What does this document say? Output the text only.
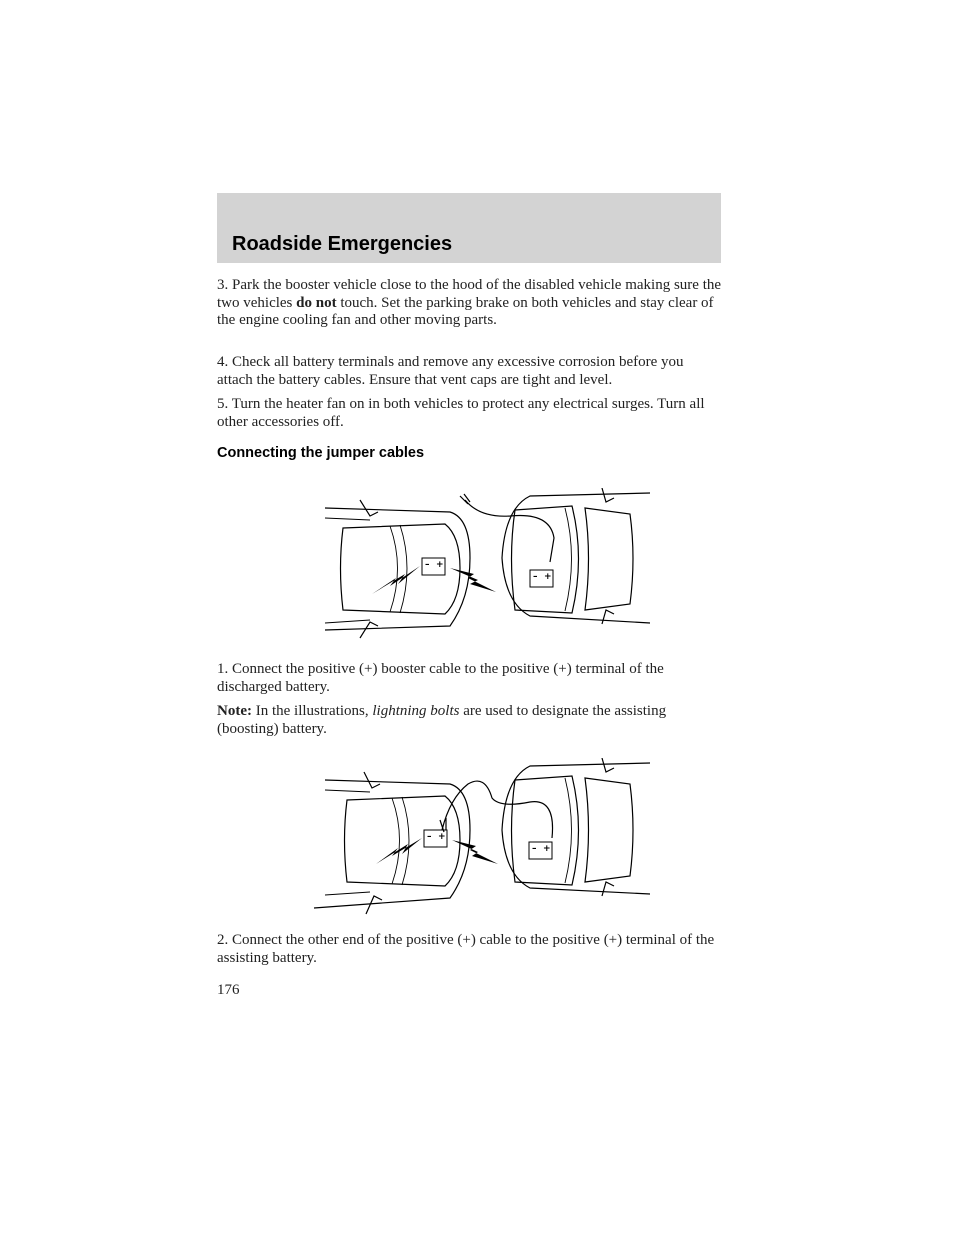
Roadside Emergencies

3. Park the booster vehicle close to the hood of the disabled vehicle making sure the two vehicles do not touch. Set the parking brake on both vehicles and stay clear of the engine cooling fan and other moving parts.

4. Check all battery terminals and remove any excessive corrosion before you attach the battery cables. Ensure that vent caps are tight and level.

5. Turn the heater fan on in both vehicles to protect any electrical surges. Turn all other accessories off.

Connecting the jumper cables
– +
– +

1. Connect the positive (+) booster cable to the positive (+) terminal of the discharged battery.

Note: In the illustrations, lightning bolts are used to designate the assisting (boosting) battery.

– +
– +

2. Connect the other end of the positive (+) cable to the positive (+) terminal of the assisting battery.

176
